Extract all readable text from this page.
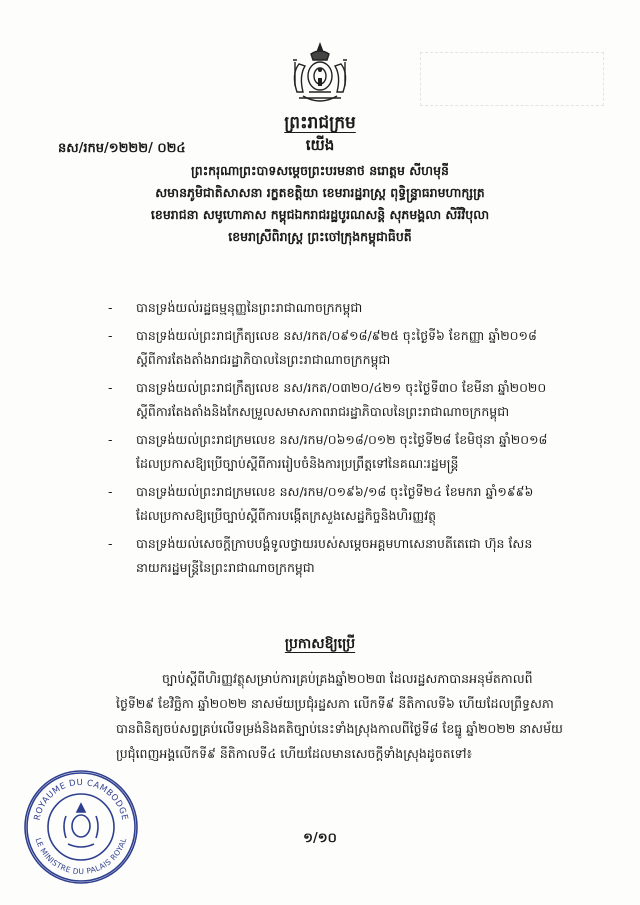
ព្រះរាជក្រម
នស/រកម/១២២២/ ០២៤	យើង
ព្រះករុណាព្រះបាទសម្តេចព្រះបរមនាថ នរោត្តម សីហមុនី
សមានភូមិជាតិសាសនា រក្ខតខត្តិយា ខេមរារដ្ឋរាស្ត្រ ពុទ្ធិន្ទ្រាធរាមហាក្សត្រ
ខេមរាជនា សមូហោភាស កម្ពុជឯករាជរដ្ឋបូរណសន្តិ សុភមង្គលា សិរីវិបុលា
ខេមរាស្រីពិរាស្ត្រ ព្រះចៅក្រុងកម្ពុជាធិបតី
- បានទ្រង់យល់រដ្ឋធម្មនុញ្ញនៃព្រះរាជាណាចក្រកម្ពុជា
- បានទ្រង់យល់ព្រះរាជក្រឹត្យលេខ នស/រកត/០៩១៨/៩២៥ ចុះថ្ងៃទី៦ ខែកញ្ញា ឆ្នាំ២០១៨
ស្តីពីការតែងតាំងរាជរដ្ឋាភិបាលនៃព្រះរាជាណាចក្រកម្ពុជា
- បានទ្រង់យល់ព្រះរាជក្រឹត្យលេខ នស/រកត/០៣២០/៤២១ ចុះថ្ងៃទី៣០ ខែមីនា ឆ្នាំ២០២០
ស្តីពីការតែងតាំងនិងកែសម្រួលសមាសភាពរាជរដ្ឋាភិបាលនៃព្រះរាជាណាចក្រកម្ពុជា
- បានទ្រង់យល់ព្រះរាជក្រមលេខ នស/រកម/០៦១៨/០១២ ចុះថ្ងៃទី២៨ ខែមិថុនា ឆ្នាំ២០១៨
ដែលប្រកាសឱ្យប្រើច្បាប់ស្តីពីការរៀបចំនិងការប្រព្រឹត្តទៅនៃគណៈរដ្ឋមន្ត្រី
- បានទ្រង់យល់ព្រះរាជក្រមលេខ នស/រកម/០១៩៦/១៨ ចុះថ្ងៃទី២៤ ខែមករា ឆ្នាំ១៩៩៦
ដែលប្រកាសឱ្យប្រើច្បាប់ស្តីពីការបង្កើតក្រសួងសេដ្ឋកិច្ចនិងហិរញ្ញវត្ថុ
- បានទ្រង់យល់សេចក្តីក្រាបបង្គំទូលថ្វាយរបស់សម្តេចអគ្គមហាសេនាបតីតេជោ ហ៊ុន សែន
នាយករដ្ឋមន្ត្រីនៃព្រះរាជាណាចក្រកម្ពុជា
ប្រកាសឱ្យប្រើ
ច្បាប់ស្តីពីហិរញ្ញវត្ថុសម្រាប់ការគ្រប់គ្រងឆ្នាំ២០២៣ ដែលរដ្ឋសភាបានអនុម័តកាលពី
ថ្ងៃទី២៩ ខែវិច្ឆិកា ឆ្នាំ២០២២ នាសម័យប្រជុំរដ្ឋសភា លើកទី៩ នីតិកាលទី៦ ហើយដែលព្រឹទ្ធសភា
បានពិនិត្យចប់សព្វគ្រប់លើទម្រង់និងគតិច្បាប់នេះទាំងស្រុងកាលពីថ្ងៃទី៨ ខែធ្នូ ឆ្នាំ២០២២ នាសម័យ
ប្រជុំពេញអង្គលើកទី៩ នីតិកាលទី៤ ហើយដែលមានសេចក្តីទាំងស្រុងដូចតទៅ៖
១/១០
ROYAUME DU CAMBODGE
LE MINISTRE DU PALAIS ROYAL
